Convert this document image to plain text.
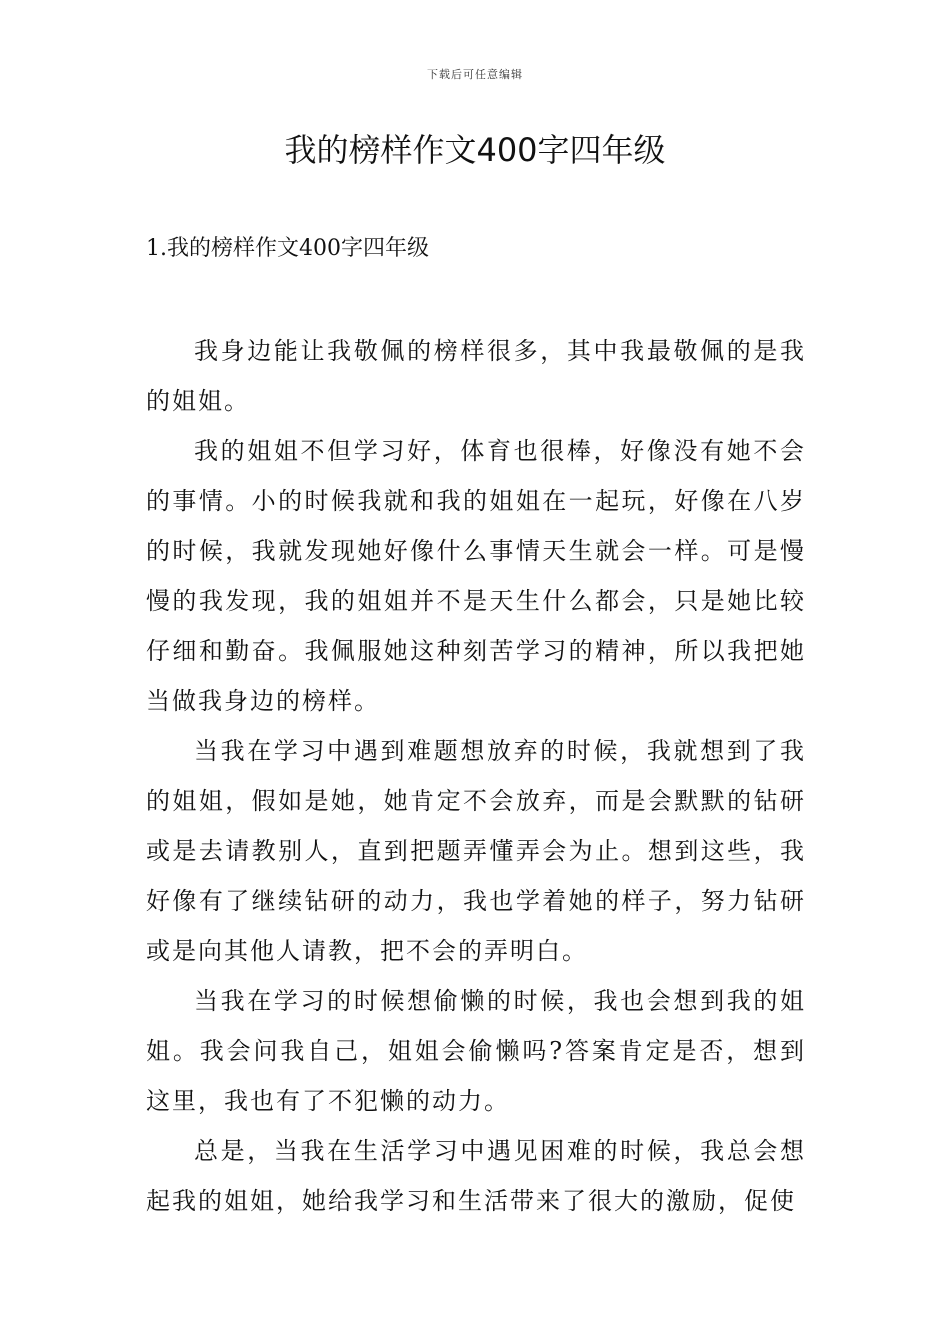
下载后可任意编辑
我的榜样作文400字四年级
1.我的榜样作文400字四年级

我身边能让我敬佩的榜样很多，其中我最敬佩的是我的姐姐。

我的姐姐不但学习好，体育也很棒，好像没有她不会的事情。小的时候我就和我的姐姐在一起玩，好像在八岁的时候，我就发现她好像什么事情天生就会一样。可是慢慢的我发现，我的姐姐并不是天生什么都会，只是她比较仔细和勤奋。我佩服她这种刻苦学习的精神，所以我把她当做我身边的榜样。

当我在学习中遇到难题想放弃的时候，我就想到了我的姐姐，假如是她，她肯定不会放弃，而是会默默的钻研或是去请教别人，直到把题弄懂弄会为止。想到这些，我好像有了继续钻研的动力，我也学着她的样子，努力钻研或是向其他人请教，把不会的弄明白。

当我在学习的时候想偷懒的时候，我也会想到我的姐姐。我会问我自己，姐姐会偷懒吗?答案肯定是否，想到这里，我也有了不犯懒的动力。

总是，当我在生活学习中遇见困难的时候，我总会想起我的姐姐，她给我学习和生活带来了很大的激励，促使
